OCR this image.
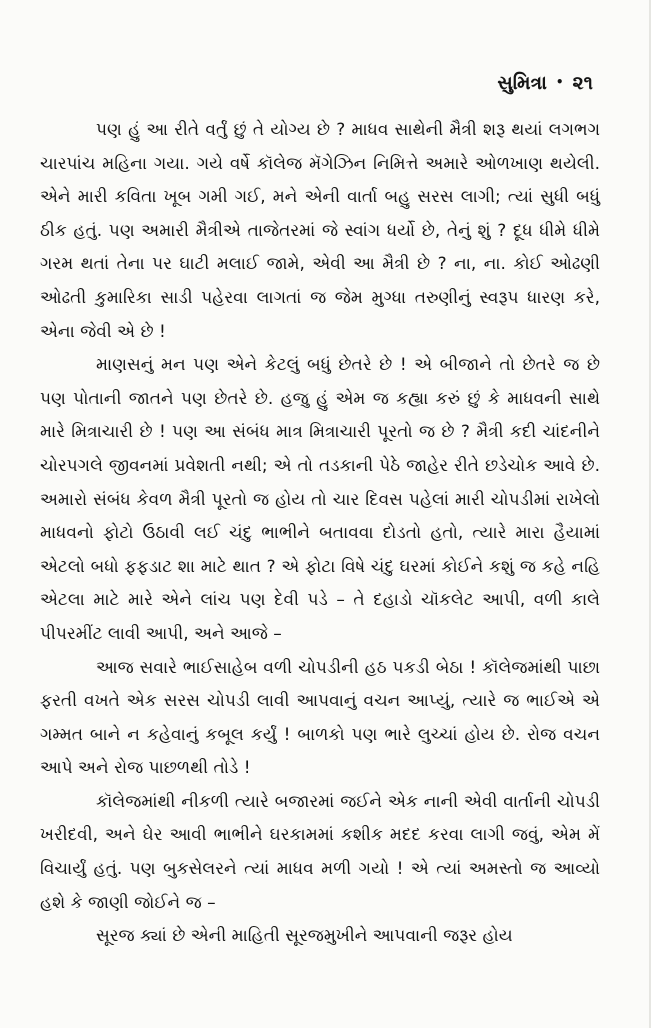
સુમિત્રા • ૨૧

પણ હું આ રીતે વર્તું છું તે યોગ્ય છે ? માધવ સાથેની મૈત્રી શરૂ થયાં લગભગ ચારપાંચ મહિના ગયા. ગયે વર્ષે કૉલેજ મૅગેઝિન નિમિત્તે અમારે ઓળખાણ થયેલી. એને મારી કવિતા ખૂબ ગમી ગઈ, મને એની વાર્તા બહુ સરસ લાગી; ત્યાં સુધી બધું ઠીક હતું. પણ અમારી મૈત્રીએ તાજેતરમાં જે સ્વાંગ ધર્યો છે, તેનું શું ? દૂધ ધીમે ધીમે ગરમ થતાં તેના પર ઘાટી મલાઈ જામે, એવી આ મૈત્રી છે ? ના, ના. કોઈ ઓઢણી ઓઢતી કુમારિકા સાડી પહેરવા લાગતાં જ જેમ મુગ્ધા તરુણીનું સ્વરૂપ ધારણ કરે, એના જેવી એ છે !

માણસનું મન પણ એને કેટલું બધું છેતરે છે ! એ બીજાને તો છેતરે જ છે પણ પોતાની જાતને પણ છેતરે છે. હજુ હું એમ જ કહ્યા કરું છું કે માધવની સાથે મારે મિત્રાચારી છે ! પણ આ સંબંધ માત્ર મિત્રાચારી પૂરતો જ છે ? મૈત્રી કદી ચાંદનીને ચોરપગલે જીવનમાં પ્રવેશતી નથી; એ તો તડકાની પેઠે જાહેર રીતે છડેચોક આવે છે. અમારો સંબંધ કેવળ મૈત્રી પૂરતો જ હોય તો ચાર દિવસ પહેલાં મારી ચોપડીમાં રાખેલો માધવનો ફોટો ઉઠાવી લઈ ચંદુ ભાભીને બતાવવા દોડતો હતો, ત્યારે મારા હૈયામાં એટલો બધો ફફડાટ શા માટે થાત ? એ ફોટા વિષે ચંદુ ઘરમાં કોઈને કશું જ કહે નહિ એટલા માટે મારે એને લાંચ પણ દેવી પડે – તે દહાડો ચૉકલેટ આપી, વળી કાલે પીપરમીંટ લાવી આપી, અને આજે –

આજ સવારે ભાઈસાહેબ વળી ચોપડીની હઠ પકડી બેઠા ! કૉલેજમાંથી પાછા ફરતી વખતે એક સરસ ચોપડી લાવી આપવાનું વચન આપ્યું, ત્યારે જ ભાઈએ એ ગમ્મત બાને ન કહેવાનું કબૂલ કર્યું ! બાળકો પણ ભારે લુચ્ચાં હોય છે. રોજ વચન આપે અને રોજ પાછળથી તોડે !

કૉલેજમાંથી નીકળી ત્યારે બજારમાં જઈને એક નાની એવી વાર્તાની ચોપડી ખરીદવી, અને ઘેર આવી ભાભીને ઘરકામમાં કશીક મદદ કરવા લાગી જવું, એમ મેં વિચાર્યું હતું. પણ બુકસેલરને ત્યાં માધવ મળી ગયો ! એ ત્યાં અમસ્તો જ આવ્યો હશે કે જાણી જોઈને જ –

સૂરજ ક્યાં છે એની માહિતી સૂરજમુખીને આપવાની જરૂર હોય
